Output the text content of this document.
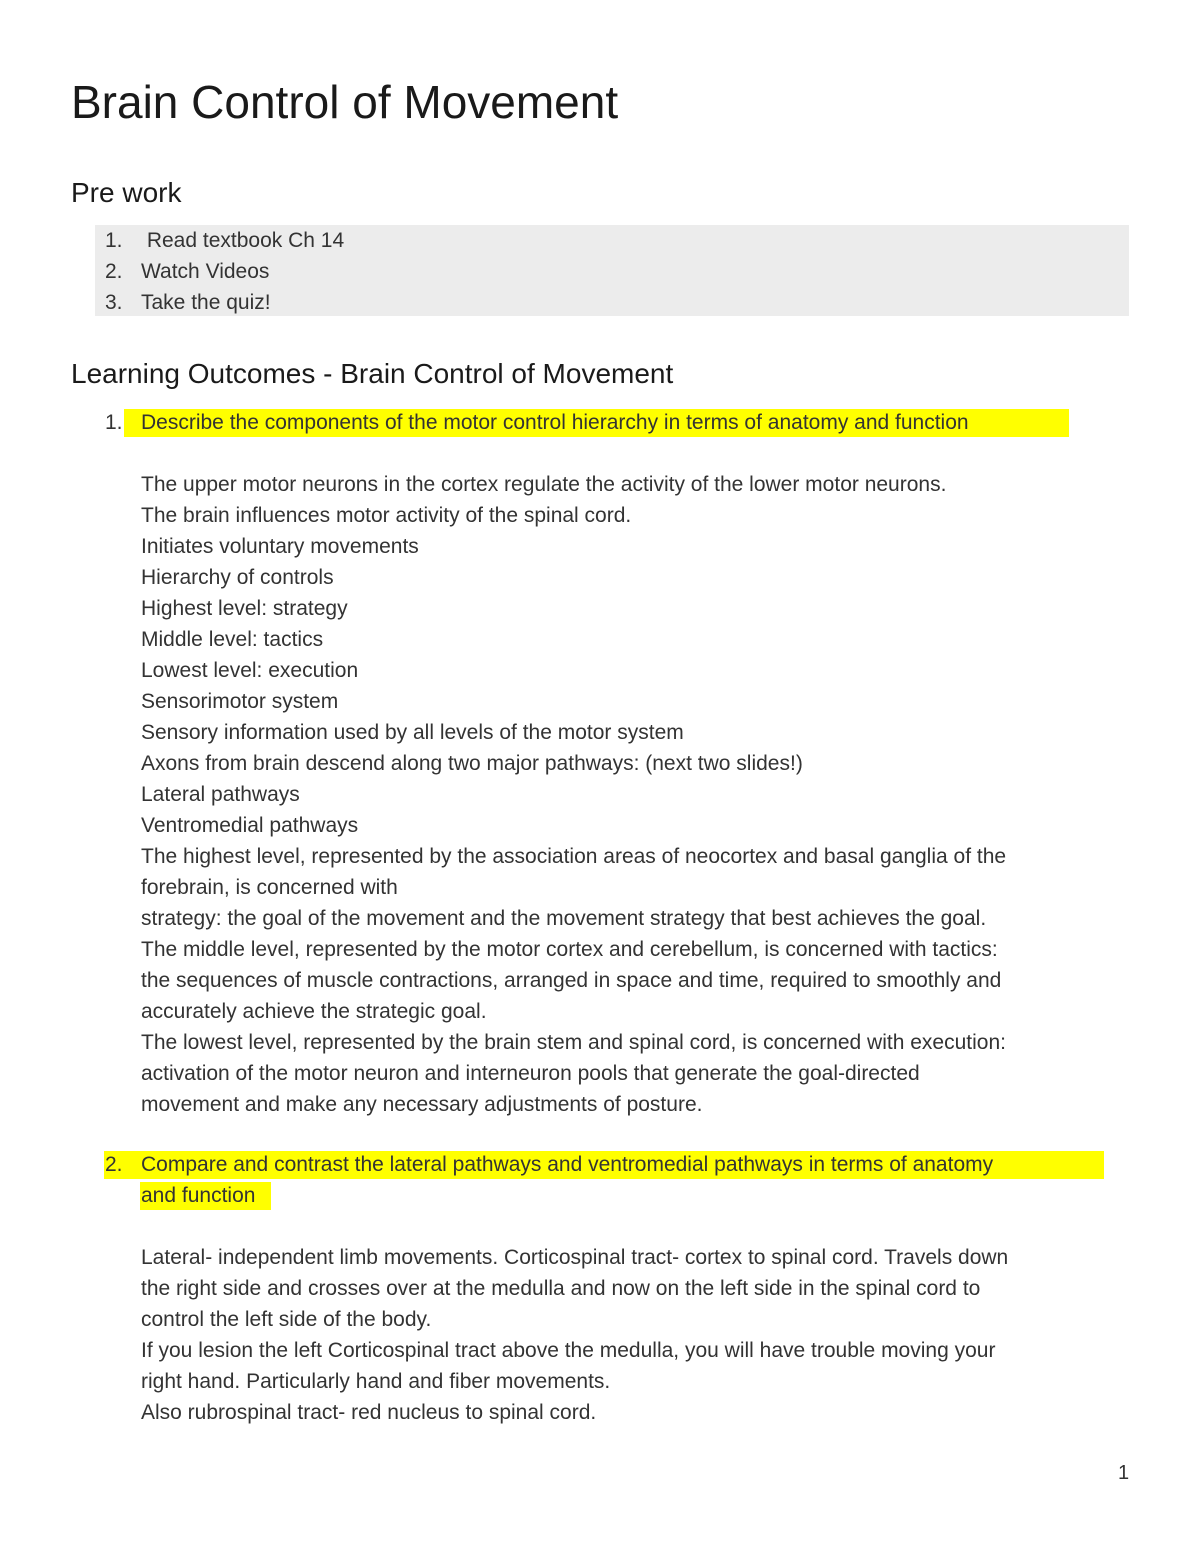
Brain Control of Movement
Pre work
1. Read textbook Ch 14
2. Watch Videos
3. Take the quiz!
Learning Outcomes - Brain Control of Movement
1. Describe the components of the motor control hierarchy in terms of anatomy and function
The upper motor neurons in the cortex regulate the activity of the lower motor neurons.
The brain influences motor activity of the spinal cord.
Initiates voluntary movements
Hierarchy of controls
Highest level: strategy
Middle level: tactics
Lowest level: execution
Sensorimotor system
Sensory information used by all levels of the motor system
Axons from brain descend along two major pathways: (next two slides!)
Lateral pathways
Ventromedial pathways
The highest level, represented by the association areas of neocortex and basal ganglia of the
forebrain, is concerned with
strategy: the goal of the movement and the movement strategy that best achieves the goal.
The middle level, represented by the motor cortex and cerebellum, is concerned with tactics:
the sequences of muscle contractions, arranged in space and time, required to smoothly and
accurately achieve the strategic goal.
The lowest level, represented by the brain stem and spinal cord, is concerned with execution:
activation of the motor neuron and interneuron pools that generate the goal-directed
movement and make any necessary adjustments of posture.
2. Compare and contrast the lateral pathways and ventromedial pathways in terms of anatomy
and function
Lateral- independent limb movements. Corticospinal tract- cortex to spinal cord. Travels down
the right side and crosses over at the medulla and now on the left side in the spinal cord to
control the left side of the body.
If you lesion the left Corticospinal tract above the medulla, you will have trouble moving your
right hand. Particularly hand and fiber movements.
Also rubrospinal tract- red nucleus to spinal cord.
1
